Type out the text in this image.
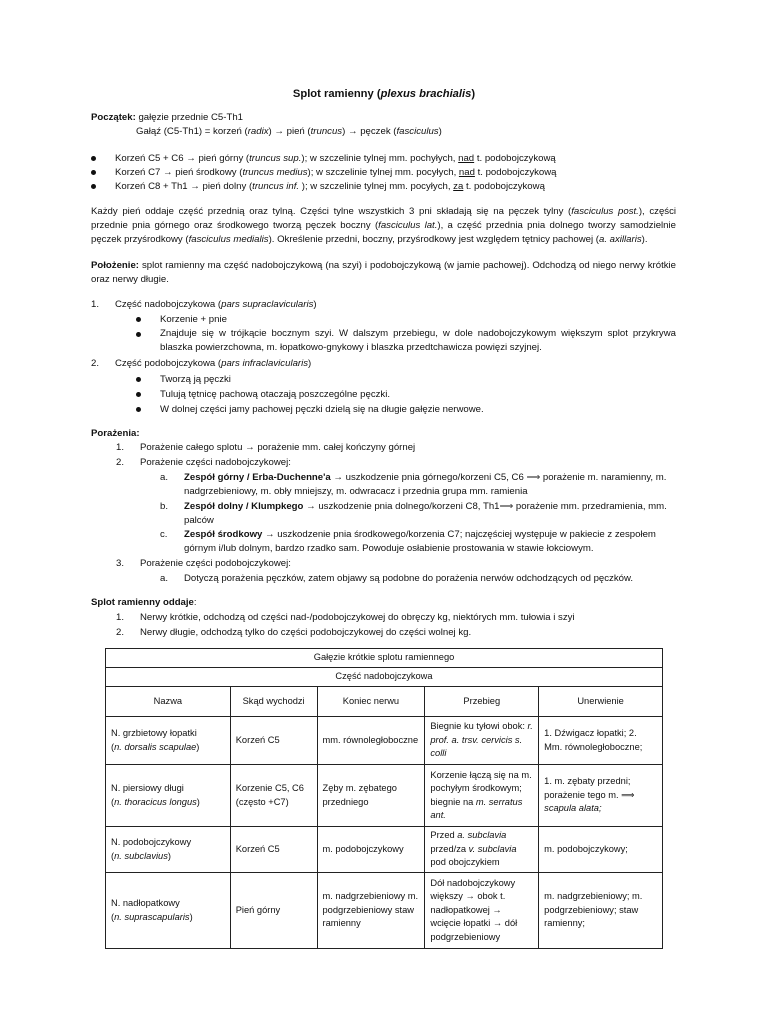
Splot ramienny (plexus brachialis)
Początek: gałęzie przednie C5-Th1
Gałąź (C5-Th1) = korzeń (radix) → pień (truncus) → pęczek (fasciculus)
Korzeń C5 + C6 → pień górny (truncus sup.); w szczelinie tylnej mm. pochyłych, nad t. podobojczykową
Korzeń C7 → pień środkowy (truncus medius); w szczelinie tylnej mm. pocyłych, nad t. podobojczykową
Korzeń C8 + Th1 → pień dolny (truncus inf. ); w szczelinie tylnej mm. pocyłych, za t. podobojczykową
Każdy pień oddaje część przednią oraz tylną. Części tylne wszystkich 3 pni składają się na pęczek tylny (fasciculus post.), części przednie pnia górnego oraz środkowego tworzą pęczek boczny (fasciculus lat.), a część przednia pnia dolnego tworzy samodzielnie pęczek przyśrodkowy (fasciculus medialis). Określenie przedni, boczny, przyśrodkowy jest względem tętnicy pachowej (a. axillaris).
Położenie: splot ramienny ma część nadobojczykową (na szyi) i podobojczykową (w jamie pachowej). Odchodzą od niego nerwy krótkie oraz nerwy długie.
1. Część nadobojczykowa (pars supraclavicularis)
Korzenie + pnie
Znajduje się w trójkącie bocznym szyi. W dalszym przebiegu, w dole nadobojczykowym większym splot przykrywa blaszka powierzchowna, m. łopatkowo-gnykowy i blaszka przedtchawicza powięzi szyjnej.
2. Część podobojczykowa (pars infraclavicularis)
Tworzą ją pęczki
Tulują tętnicę pachową otaczają poszczególne pęczki.
W dolnej części jamy pachowej pęczki dzielą się na długie gałęzie nerwowe.
Porażenia:
1. Porażenie całego splotu → porażenie mm. całej kończyny górnej
2. Porażenie części nadobojczykowej:
a. Zespół górny / Erba-Duchenne'a → uszkodzenie pnia górnego/korzeni C5, C6 ⟹ porażenie m. naramienny, m. nadgrzebieniowy, m. obły mniejszy, m. odwracacz i przednia grupa mm. ramienia
b. Zespół dolny / Klumpkego → uszkodzenie pnia dolnego/korzeni C8, Th1⟹ porażenie mm. przedramienia, mm. palców
c. Zespół środkowy → uszkodzenie pnia środkowego/korzenia C7; najczęściej występuje w pakiecie z zespołem górnym i/lub dolnym, bardzo rzadko sam. Powoduje osłabienie prostowania w stawie łokciowym.
3. Porażenie części podobojczykowej:
a. Dotyczą porażenia pęczków, zatem objawy są podobne do porażenia nerwów odchodzących od pęczków.
Splot ramienny oddaje:
1. Nerwy krótkie, odchodzą od części nad-/podobojczykowej do obręczy kg, niektórych mm. tułowia i szyi
2. Nerwy długie, odchodzą tylko do części podobojczykowej do części wolnej kg.
Gałęzie krótkie splotu ramiennego				
Część nadobojczykowa				
Nazwa	Skąd wychodzi	Koniec nerwu	Przebieg	Unerwienie
N. grzbietowy łopatki
(n. dorsalis scapulae)	Korzeń C5	mm. równoległobocznе	Biegnie ku tyłowi obok: r. prof. a. trsv. cervicis s. colli	1. Dźwigacz łopatki; 2. Mm. równoległoboczne;
N. piersiowy długi
(n. thoracicus longus)	Korzenie C5, C6 (często +C7)	Zęby m. zębatego przedniego	Korzenie łączą się na m. pochyłym środkowym; biegnie na m. serratus ant.	1. m. zębaty przedni; porażenie tego m. ⟹ scapula alata;
N. podobojczykowy
(n. subclavius)	Korzeń C5	m. podobojczykowy	Przed a. subclavia przed/za v. subclavia pod obojczykiem	m. podobojczykowy;
N. nadłopatkowy
(n. suprascapularis)	Pień górny	m. nadgrzebieniowy m. podgrzebieniowy staw ramienny	Dół nadobojczykowy większy → obok t. nadłopatkowej → wcięcie łopatki → dół podgrzebieniowy	m. nadgrzebieniowy; m. podgrzebieniowy; staw ramienny;
